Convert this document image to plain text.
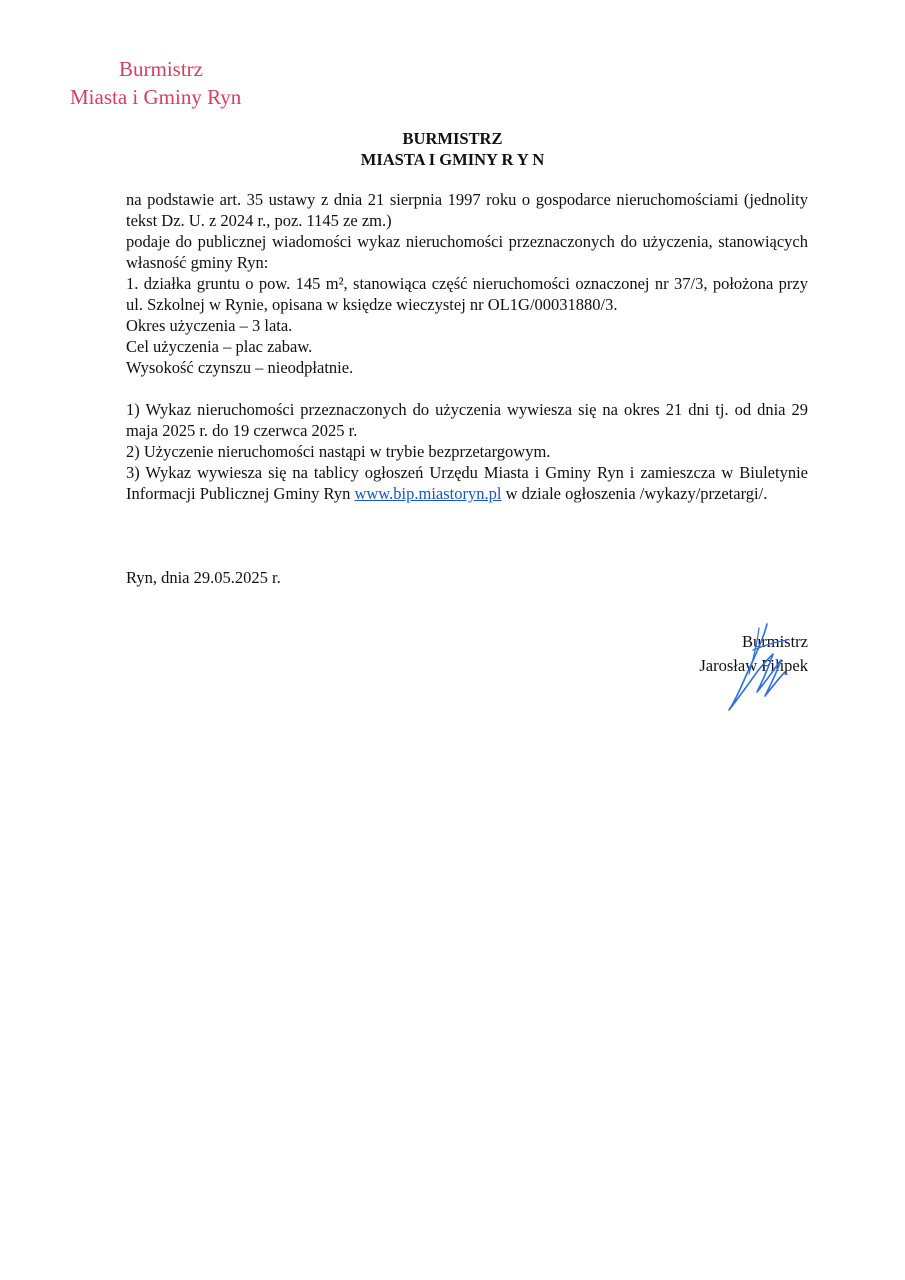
Burmistrz
Miasta i Gminy Ryn
BURMISTRZ
MIASTA I GMINY R Y N

na podstawie art. 35 ustawy z dnia 21 sierpnia 1997 roku o gospodarce nieruchomościami (jednolity tekst Dz. U. z 2024 r., poz. 1145 ze zm.)

podaje do publicznej wiadomości wykaz nieruchomości przeznaczonych do użyczenia, stanowiących własność gminy Ryn:

1. działka gruntu o pow. 145 m², stanowiąca część nieruchomości oznaczonej nr 37/3, położona przy ul. Szkolnej w Rynie, opisana w księdze wieczystej nr OL1G/00031880/3.

Okres użyczenia – 3 lata.

Cel użyczenia – plac zabaw.

Wysokość czynszu – nieodpłatnie.

1) Wykaz nieruchomości przeznaczonych do użyczenia wywiesza się na okres 21 dni tj. od dnia 29 maja 2025 r. do 19 czerwca 2025 r.

2) Użyczenie nieruchomości nastąpi w trybie bezprzetargowym.

3) Wykaz wywiesza się na tablicy ogłoszeń Urzędu Miasta i Gminy Ryn i zamieszcza w Biuletynie Informacji Publicznej Gminy Ryn www.bip.miastoryn.pl w dziale ogłoszenia /wykazy/przetargi/.

Ryn, dnia 29.05.2025 r.

Burmistrz
Jarosław Filipek
